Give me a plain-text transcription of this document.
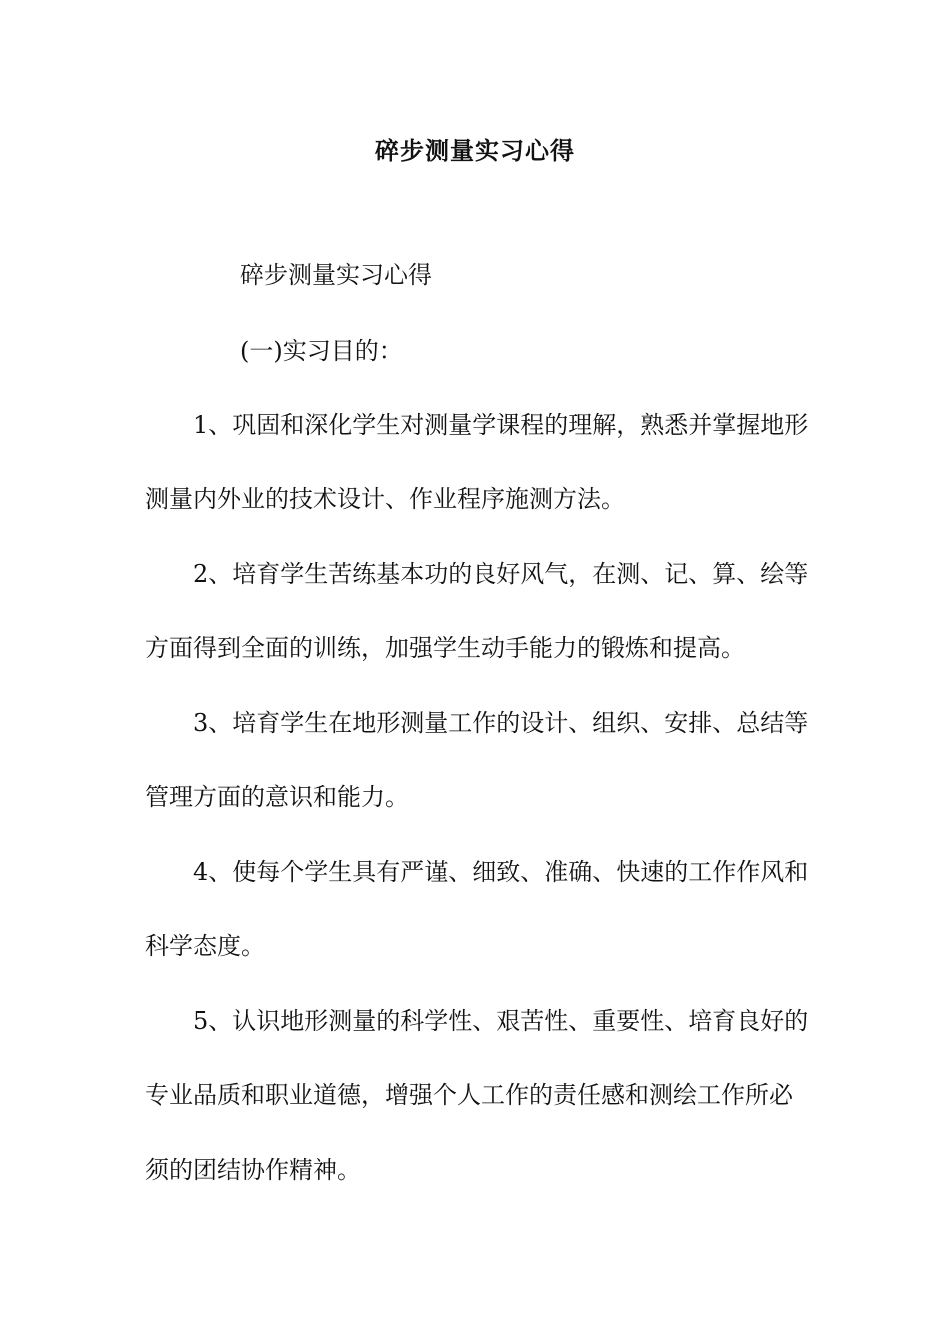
碎步测量实习心得
碎步测量实习心得
(一)实习目的：
1、巩固和深化学生对测量学课程的理解，熟悉并掌握地形
测量内外业的技术设计、作业程序施测方法。
2、培育学生苦练基本功的良好风气，在测、记、算、绘等
方面得到全面的训练，加强学生动手能力的锻炼和提高。
3、培育学生在地形测量工作的设计、组织、安排、总结等
管理方面的意识和能力。
4、使每个学生具有严谨、细致、准确、快速的工作作风和
科学态度。
5、认识地形测量的科学性、艰苦性、重要性、培育良好的
专业品质和职业道德，增强个人工作的责任感和测绘工作所必
须的团结协作精神。
